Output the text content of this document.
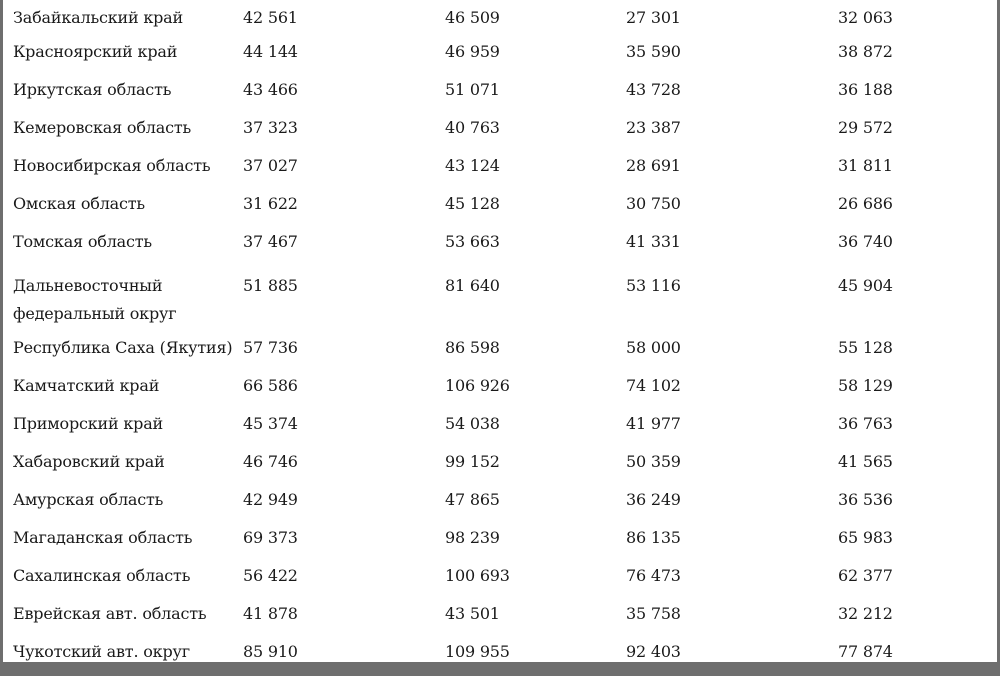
Забайкальский край	42 561	46 509	27 301	32 063
Красноярский край	44 144	46 959	35 590	38 872
Иркутская область	43 466	51 071	43 728	36 188
Кемеровская область	37 323	40 763	23 387	29 572
Новосибирская область	37 027	43 124	28 691	31 811
Омская область	31 622	45 128	30 750	26 686
Томская область	37 467	53 663	41 331	36 740
Дальневосточный федеральный округ	51 885	81 640	53 116	45 904
Республика Саха (Якутия)	57 736	86 598	58 000	55 128
Камчатский край	66 586	106 926	74 102	58 129
Приморский край	45 374	54 038	41 977	36 763
Хабаровский край	46 746	99 152	50 359	41 565
Амурская область	42 949	47 865	36 249	36 536
Магаданская область	69 373	98 239	86 135	65 983
Сахалинская область	56 422	100 693	76 473	62 377
Еврейская авт. область	41 878	43 501	35 758	32 212
Чукотский авт. округ	85 910	109 955	92 403	77 874
